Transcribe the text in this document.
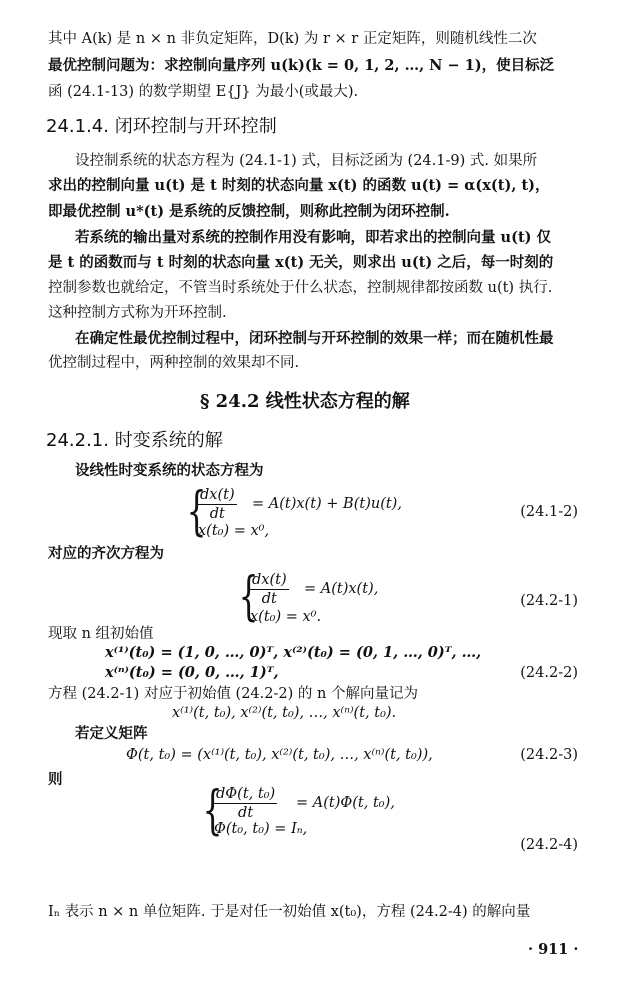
其中 A(k) 是 n × n 非负定矩阵，D(k) 为 r × r 正定矩阵，则随机线性二次
最优控制问题为：求控制向量序列 u(k)(k = 0, 1, 2, …, N − 1)，使目标泛
函 (24.1-13) 的数学期望 E{J} 为最小(或最大).
24.1.4. 闭环控制与开环控制
设控制系统的状态方程为 (24.1-1) 式，目标泛函为 (24.1-9) 式. 如果所
求出的控制向量 u(t) 是 t 时刻的状态向量 x(t) 的函数 u(t) = α(x(t), t)，
即最优控制 u*(t) 是系统的反馈控制，则称此控制为闭环控制.
若系统的输出量对系统的控制作用没有影响，即若求出的控制向量 u(t) 仅
是 t 的函数而与 t 时刻的状态向量 x(t) 无关，则求出 u(t) 之后，每一时刻的
控制参数也就给定，不管当时系统处于什么状态，控制规律都按函数 u(t) 执行.
这种控制方式称为开环控制.
在确定性最优控制过程中，闭环控制与开环控制的效果一样；而在随机性最
优控制过程中，两种控制的效果却不同.
§ 24.2 线性状态方程的解
24.2.1. 时变系统的解
设线性时变系统的状态方程为
{
$\frac{dx(t)}{dt} = A(t)x(t) + B(t)u(t)$,
x(t₀) = x⁰,
(24.1-2)
对应的齐次方程为
{
$\frac{dx(t)}{dt} = A(t)x(t)$,
x(t₀) = x⁰.
(24.2-1)
现取 n 组初始值
x⁽¹⁾(t₀) = (1, 0, …, 0)ᵀ, x⁽²⁾(t₀) = (0, 1, …, 0)ᵀ, …,
x⁽ⁿ⁾(t₀) = (0, 0, …, 1)ᵀ,	(24.2-2)
方程 (24.2-1) 对应于初始值 (24.2-2) 的 n 个解向量记为
x⁽¹⁾(t, t₀), x⁽²⁾(t, t₀), …, x⁽ⁿ⁾(t, t₀).
若定义矩阵
Φ(t, t₀) = (x⁽¹⁾(t, t₀), x⁽²⁾(t, t₀), …, x⁽ⁿ⁾(t, t₀)),	(24.2-3)
则
{
$\frac{\text{dΦ(t, t₀)}}{dt} = A(t)\Phi(t$, t₀),
Φ(t₀, t₀) = Iₙ,
(24.2-4)
Iₙ 表示 n × n 单位矩阵. 于是对任一初始值 x(t₀)，方程 (24.2-4) 的解向量
· 911 ·
